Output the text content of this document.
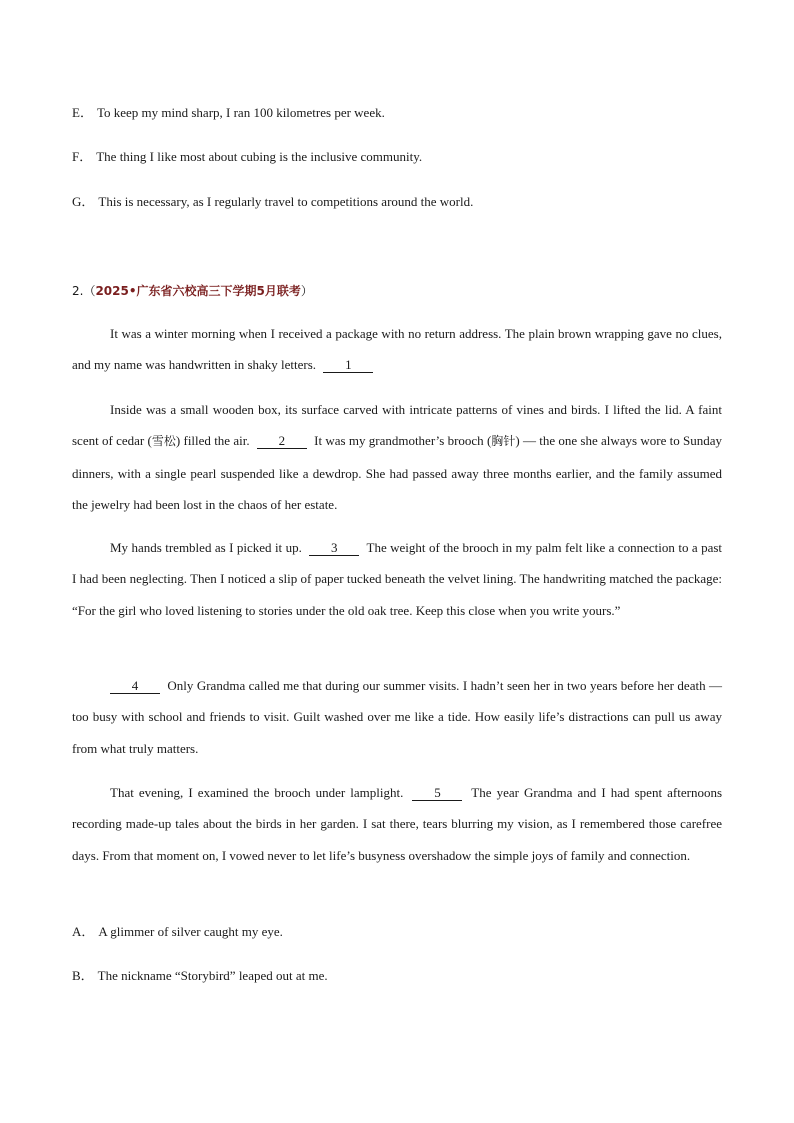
E． To keep my mind sharp, I ran 100 kilometres per week.
F． The thing I like most about cubing is the inclusive community.
G． This is necessary, as I regularly travel to competitions around the world.
2.（2025•广东省六校高三下学期5月联考）
It was a winter morning when I received a package with no return address. The plain brown wrapping gave no clues, and my name was handwritten in shaky letters. 1
Inside was a small wooden box, its surface carved with intricate patterns of vines and birds. I lifted the lid. A faint scent of cedar (雪松) filled the air. 2 It was my grandmother’s brooch (胸针) — the one she always wore to Sunday dinners, with a single pearl suspended like a dewdrop. She had passed away three months earlier, and the family assumed the jewelry had been lost in the chaos of her estate.
My hands trembled as I picked it up. 3 The weight of the brooch in my palm felt like a connection to a past I had been neglecting. Then I noticed a slip of paper tucked beneath the velvet lining. The handwriting matched the package: “For the girl who loved listening to stories under the old oak tree. Keep this close when you write yours.”
4 Only Grandma called me that during our summer visits. I hadn’t seen her in two years before her death — too busy with school and friends to visit. Guilt washed over me like a tide. How easily life’s distractions can pull us away from what truly matters.
That evening, I examined the brooch under lamplight. 5 The year Grandma and I had spent afternoons recording made-up tales about the birds in her garden. I sat there, tears blurring my vision, as I remembered those carefree days. From that moment on, I vowed never to let life’s busyness overshadow the simple joys of family and connection.
A． A glimmer of silver caught my eye.
B． The nickname “Storybird” leaped out at me.
